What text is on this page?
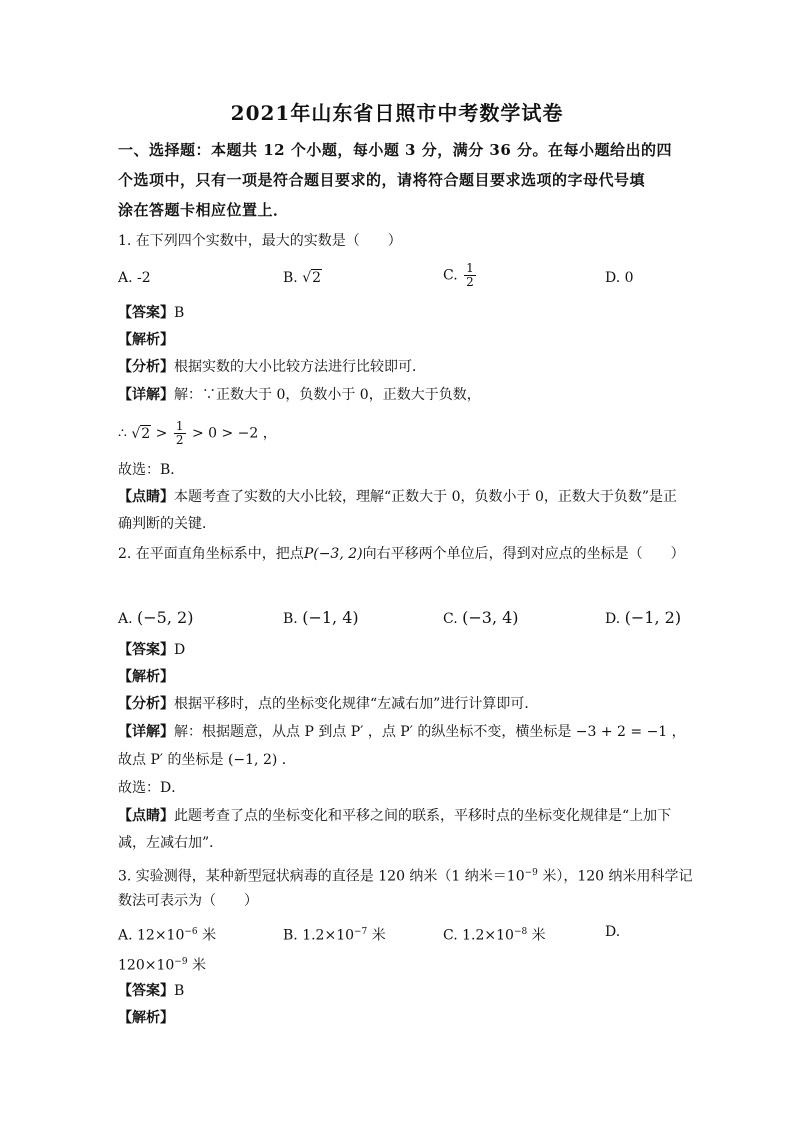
2021年山东省日照市中考数学试卷
一、选择题：本题共 12 个小题，每小题 3 分，满分 36 分。在每小题给出的四
个选项中，只有一项是符合题目要求的，请将符合题目要求选项的字母代号填
涂在答题卡相应位置上．
1. 在下列四个实数中，最大的实数是（　　）
A. -2	B. √2	C. $\frac{1}{2}$	D. 0
【答案】B
【解析】
【分析】根据实数的大小比较方法进行比较即可．
【详解】解：∵正数大于 0，负数小于 0，正数大于负数，
∴ $√2 > \frac{1}{2} > 0 > -2$ ，
故选：B．
【点睛】本题考查了实数的大小比较，理解“正数大于 0，负数小于 0，正数大于负数”是正
确判断的关键．
2. 在平面直角坐标系中，把点P(−3, 2)向右平移两个单位后，得到对应点的坐标是（　　）
A. (−5, 2)	B. (−1, 4)	C. (−3, 4)	D. (−1, 2)
【答案】D
【解析】
【分析】根据平移时，点的坐标变化规律“左减右加”进行计算即可．
【详解】解：根据题意，从点 P 到点 P′ ，点 P′ 的纵坐标不变，横坐标是 −3 + 2 = −1 ，
故点 P′ 的坐标是 (−1, 2) ．
故选：D．
【点睛】此题考查了点的坐标变化和平移之间的联系，平移时点的坐标变化规律是“上加下
减，左减右加”．
3. 实验测得，某种新型冠状病毒的直径是 120 纳米（1 纳米$=10^{-9}$ 米），120 纳米用科学记
数法可表示为（　　）
A. $12\times 10^{-6}$ 米	B. $1.2\times 10^{-7}$ 米	C. $1.2\times 10^{-8}$ 米	D.
$120\times 10^{-9}$ 米
【答案】B
【解析】
